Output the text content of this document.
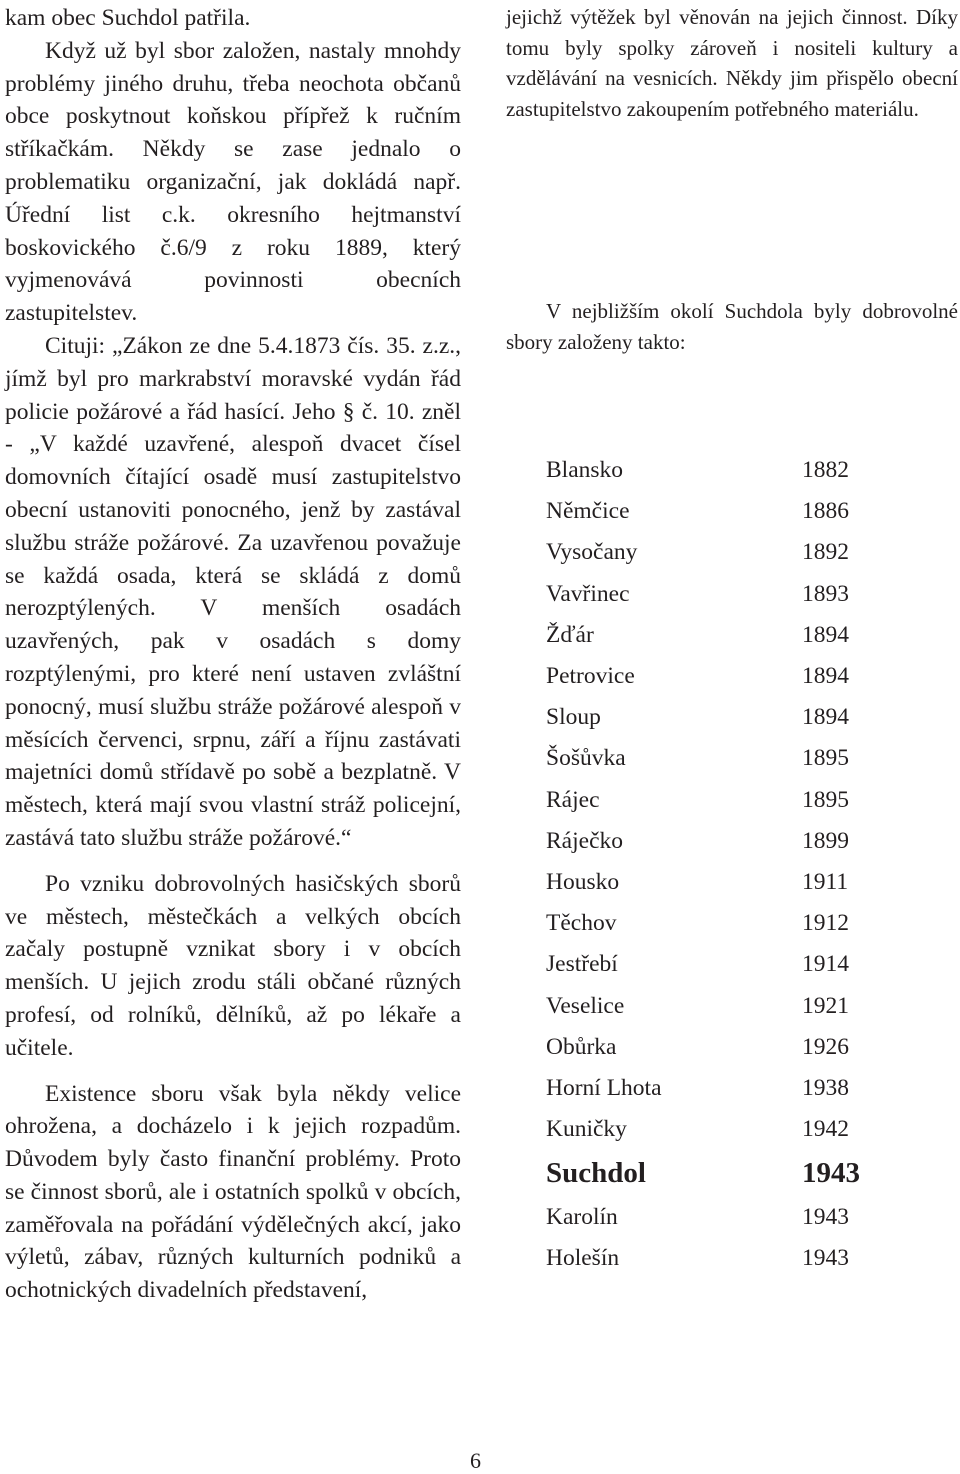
kam obec Suchdol patřila.

Když už byl sbor založen, nastaly mnohdy problémy jiného druhu, třeba neochota občanů obce poskytnout koňskou přípřež k ručním stříkačkám. Někdy se zase jednalo o problematiku organizační, jak dokládá např. Úřední list c.k. okresního hejtmanství boskovického č.6/9 z roku 1889, který vyjmenovává povinnosti obecních zastupitelstev.

Cituji: „Zákon ze dne 5.4.1873 čís. 35. z.z., jímž byl pro markrabství moravské vydán řád policie požárové a řád hasící. Jeho § č. 10. zněl - „V každé uzavřené, alespoň dvacet čísel domovních čítající osadě musí zastupitelstvo obecní ustanoviti ponocného, jenž by zastával službu stráže požárové. Za uzavřenou považuje se každá osada, která se skládá z domů nerozptýlených. V menších osadách uzavřených, pak v osadách s domy rozptýlenými, pro které není ustaven zvláštní ponocný, musí službu stráže požárové alespoň v měsících červenci, srpnu, září a říjnu zastávati majetníci domů střídavě po sobě a bezplatně. V městech, která mají svou vlastní stráž policejní, zastává tato službu stráže požárové.“

Po vzniku dobrovolných hasičských sborů ve městech, městečkách a velkých obcích začaly postupně vznikat sbory i v obcích menších. U jejich zrodu stáli občané různých profesí, od rolníků, dělníků, až po lékaře a učitele.

Existence sboru však byla někdy velice ohrožena, a docházelo i k jejich rozpadům. Důvodem byly často finanční problémy. Proto se činnost sborů, ale i ostatních spolků v obcích, zaměřovala na pořádání výdělečných akcí, jako výletů, zábav, různých kulturních podniků a ochotnických divadelních představení,

jejichž výtěžek byl věnován na jejich činnost. Díky tomu byly spolky zároveň i nositeli kultury a vzdělávání na vesnicích. Někdy jim přispělo obecní zastupitelstvo zakoupením potřebného materiálu.

V nejbližším okolí Suchdola byly dobrovolné sbory založeny takto:

Blansko	1882
Němčice	1886
Vysočany	1892
Vavřinec	1893
Žďár	1894
Petrovice	1894
Sloup	1894
Šošůvka	1895
Rájec	1895
Ráječko	1899
Housko	1911
Těchov	1912
Jestřebí	1914
Veselice	1921
Obůrka	1926
Horní Lhota	1938
Kuničky	1942
Suchdol	1943
Karolín	1943
Holešín	1943
6
